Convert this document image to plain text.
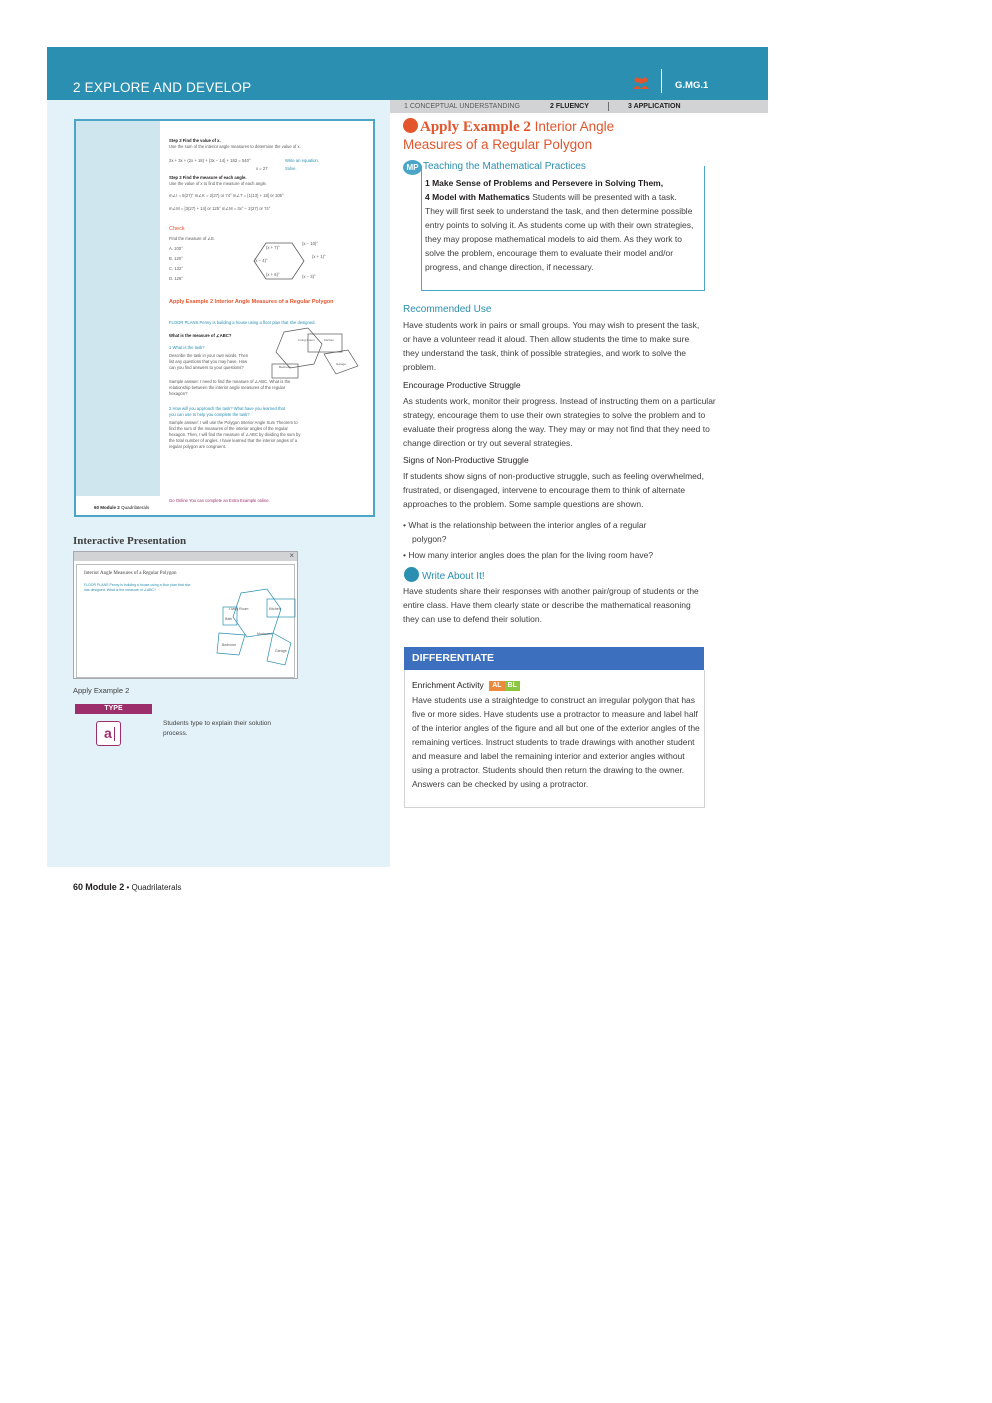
2 EXPLORE AND DEVELOP	G.MG.1
1 CONCEPTUAL UNDERSTANDING	2 FLUENCY	3 APPLICATION
Step 3 Find the value of x.
Use the sum of the interior angle measures to determine the value of x.
2x + 3x + (2x + 18) + (3x − 14) + 182 = 540°	Write an equation.
x = 27	Solve.
Step 3 Find the measure of each angle.
Use the value of x to find the measure of each angle.
m∠I = 5(27)° m∠K = 2(27) or 74° m∠T = [1(13) + 18] or 105°
m∠M = [3(27) + 14] or 125° m∠M = 3x° − 2(27) or 74°
Check
Find the measure of ∠E.
A. 100°
B. 120°
C. 132°
D. 126°
(x + 7)°
(x − 10)°
(x + 1)°
(x − 4)°
(x + 6)°	(x − 3)°
Apply Example 2 Interior Angle Measures of a Regular Polygon
FLOOR PLANS Penny is building a house using a floor plan that she designed.
What is the measure of ∠ABC?
1 What is the task?
Describe the task in your own words. Then
list any questions that you may have. How
can you find answers to your questions?
Living Room	Kitchen
Bedroom
Garage
Sample answer: I need to find the measure of ∠ABC. What is the
relationship between the interior angle measures of the regular
hexagon?
2 How will you approach the task? What have you learned that
you can use to help you complete the task?
Sample answer: I will use the Polygon Interior Angle Sum Theorem to
find the sum of the measures of the interior angles of the regular
hexagon. Then, I will find the measure of ∠ABC by dividing the sum by
the total number of angles. I have learned that the interior angles of a
regular polygon are congruent.
Go Online You can complete an Extra Example online.
60 Module 2 Quadrilaterals
Interactive Presentation
×
Interior Angle Measures of a Regular Polygon
FLOOR PLANS Penny is building a house using a floor plan that she
has designed. What is the measure of ∠ABC?
Living Room	Kitchen
Bath
Mudroom
Bedroom
Garage
Apply Example 2
TYPE
a
Students type to explain their solution process.
60 Module 2 • Quadrilaterals
Apply Example 2 Interior Angle
Measures of a Regular Polygon
MP Teaching the Mathematical Practices
1 Make Sense of Problems and Persevere in Solving Them,
4 Model with Mathematics Students will be presented with a task. They will first seek to understand the task, and then determine possible entry points to solving it. As students come up with their own strategies, they may propose mathematical models to aid them. As they work to solve the problem, encourage them to evaluate their model and/or progress, and change direction, if necessary.
Recommended Use
Have students work in pairs or small groups. You may wish to present the task, or have a volunteer read it aloud. Then allow students the time to make sure they understand the task, think of possible strategies, and work to solve the problem.
Encourage Productive Struggle
As students work, monitor their progress. Instead of instructing them on a particular strategy, encourage them to use their own strategies to solve the problem and to evaluate their progress along the way. They may or may not find that they need to change direction or try out several strategies.
Signs of Non-Productive Struggle
If students show signs of non-productive struggle, such as feeling overwhelmed, frustrated, or disengaged, intervene to encourage them to think of alternate approaches to the problem. Some sample questions are shown.
• What is the relationship between the interior angles of a regular
polygon?
• How many interior angles does the plan for the living room have?
Write About It!
Have students share their responses with another pair/group of students or the entire class. Have them clearly state or describe the mathematical reasoning they can use to defend their solution.
DIFFERENTIATE
Enrichment Activity AL BL
Have students use a straightedge to construct an irregular polygon that has five or more sides. Have students use a protractor to measure and label half of the interior angles of the figure and all but one of the exterior angles of the remaining vertices. Instruct students to trade drawings with another student and measure and label the remaining interior and exterior angles without using a protractor. Students should then return the drawing to the owner. Answers can be checked by using a protractor.
